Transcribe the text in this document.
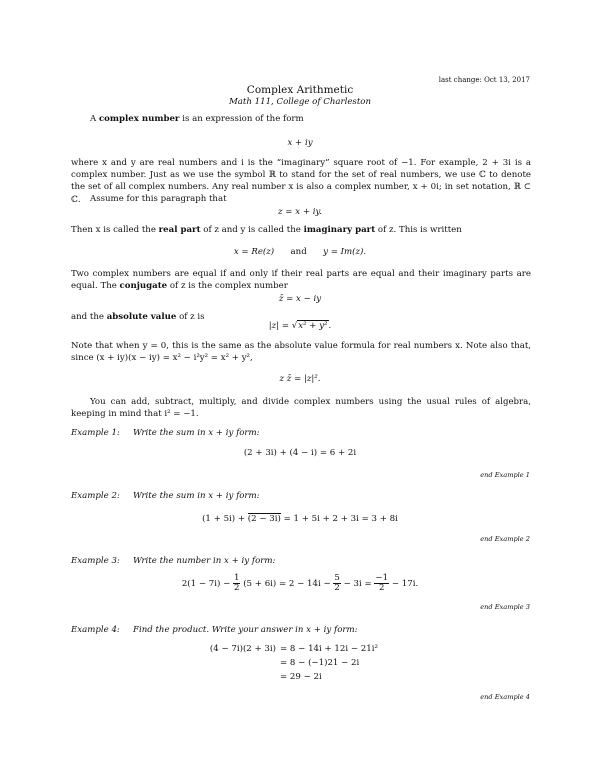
last change: Oct 13, 2017
Complex Arithmetic
Math 111, College of Charleston
A complex number is an expression of the form
x + iy
where x and y are real numbers and i is the “imaginary” square root of −1. For example, 2 + 3i is a complex number. Just as we use the symbol ℝ to stand for the set of real numbers, we use ℂ to denote the set of all complex numbers. Any real number x is also a complex number, x + 0i; in set notation, ℝ ⊂ ℂ.	Assume for this paragraph that
z = x + iy.
Then x is called the real part of z and y is called the imaginary part of z. This is written
x = Re(z) and y = Im(z).
Two complex numbers are equal if and only if their real parts are equal and their imaginary parts are equal. The conjugate of z is the complex number
z̄ = x − iy
and the absolute value of z is
|z| = √x² + y².
Note that when y = 0, this is the same as the absolute value formula for real numbers x. Note also that, since (x + iy)(x − iy) = x² − i²y² = x² + y²,
z z̄ = |z|².
You can add, subtract, multiply, and divide complex numbers using the usual rules of algebra, keeping in mind that i² = −1.
Example 1: Write the sum in x + iy form:
(2 + 3i) + (4 − i) = 6 + 2i
end Example 1
Example 2: Write the sum in x + iy form:
(1 + 5i) + (2 − 3i) = 1 + 5i + 2 + 3i = 3 + 8i
end Example 2
Example 3: Write the number in x + iy form:
$2(1 - 7i) - \frac{1}{2} (5 + 6i) = 2 - 14i - \frac{5}{2} - 3i = \frac{-1}{2} - 17i$.
end Example 3
Example 4: Find the product. Write your answer in x + iy form:
(4 − 7i)(2 + 3i) = 8 − 14i + 12i − 21i²
= 8 − (−1)21 − 2i
= 29 − 2i
end Example 4
